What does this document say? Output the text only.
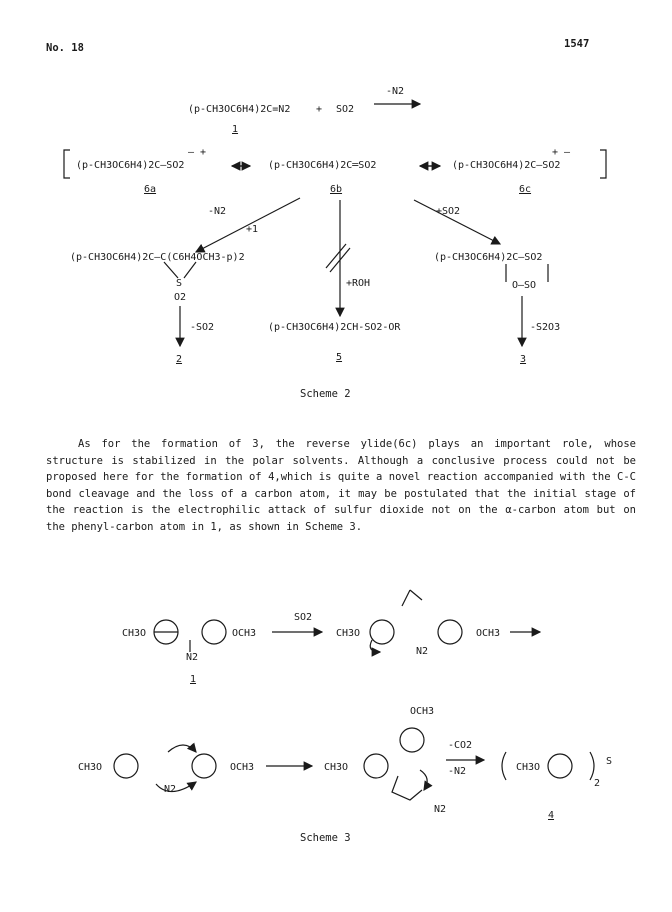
No. 18	1547
(p-CH3OC6H4)2C=N2	+ SO2
-N2
1
(p-CH3OC6H4)2C—SO2
– +
(p-CH3OC6H4)2C═SO2	(p-CH3OC6H4)2C—SO2
+ –
6a	6b	6c
-N2
+1
+SO2
+ROH
(p-CH3OC6H4)2C—C(C6H4OCH3-p)2
S
O2
(p-CH3OC6H4)2C—SO2
O—SO
(p-CH3OC6H4)2CH-SO2-OR
-SO2	-S2O3
2	5	3
Scheme 2

As for the formation of 3, the reverse ylide(6c) plays an important role, whose structure is stabilized in the polar solvents. Although a conclusive process could not be proposed here for the formation of 4,which is quite a novel reaction accompanied with the C-C bond cleavage and the loss of a carbon atom, it may be postulated that the initial stage of the reaction is the electrophilic attack of sulfur dioxide not on the α-carbon atom but on the phenyl-carbon atom in 1, as shown in Scheme 3.

SO2
1
-CO2
-N2
4
Scheme 3
CH3O	OCH3
N2
CH3O	OCH3
N2
CH3O	OCH3
N2
CH3O
OCH3
N2
CH3O
S
2
